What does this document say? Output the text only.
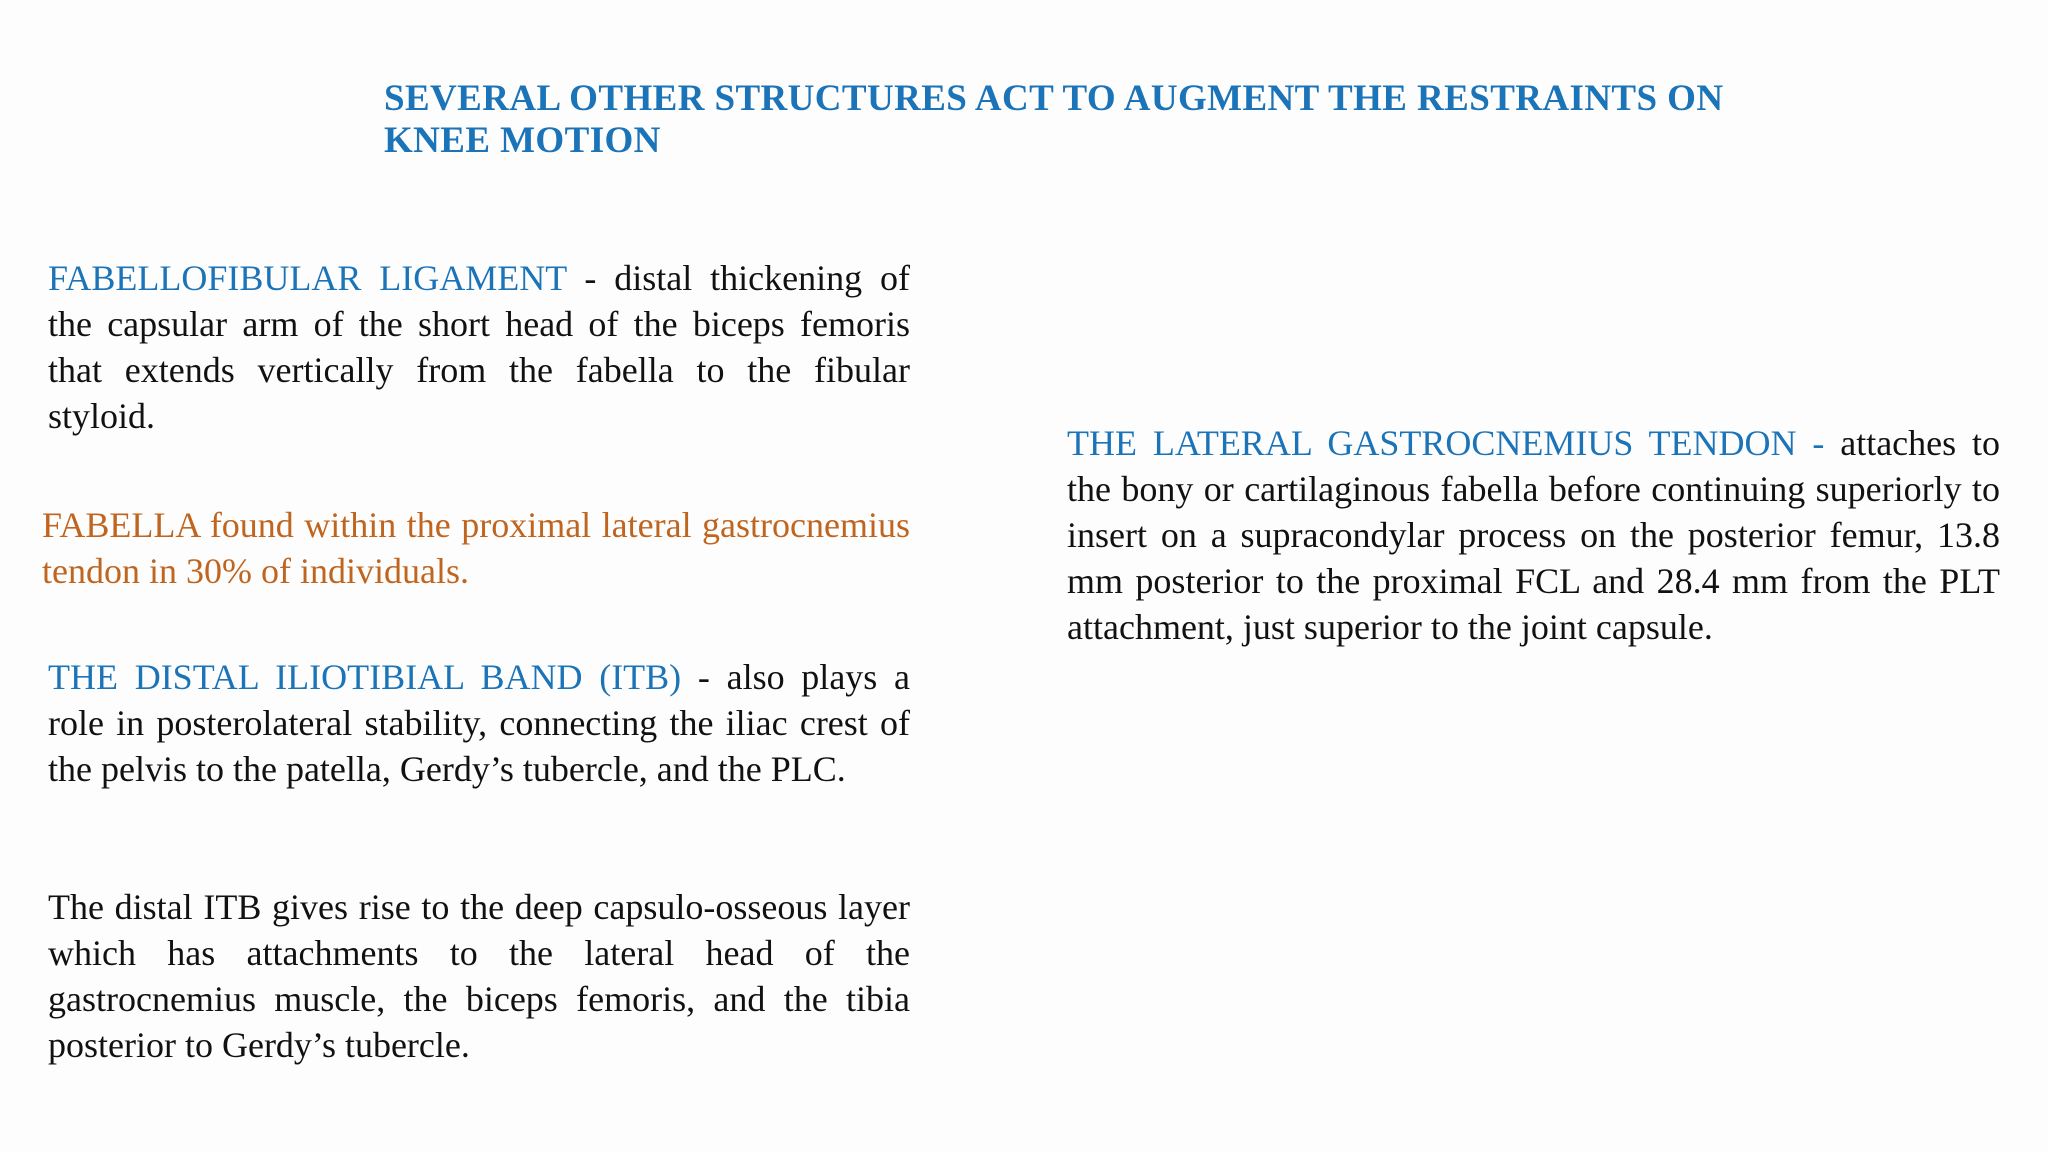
SEVERAL OTHER STRUCTURES ACT TO AUGMENT THE RESTRAINTS ON KNEE MOTION

FABELLOFIBULAR LIGAMENT - distal thickening of the capsular arm of the short head of the biceps femoris that extends vertically from the fabella to the fibular styloid.

FABELLA found within the proximal lateral gastrocnemius tendon in 30% of individuals.

THE DISTAL ILIOTIBIAL BAND (ITB) - also plays a role in posterolateral stability, connecting the iliac crest of the pelvis to the patella, Gerdy’s tubercle, and the PLC.

The distal ITB gives rise to the deep capsulo-osseous layer which has attachments to the lateral head of the gastrocnemius muscle, the biceps femoris, and the tibia posterior to Gerdy’s tubercle.

THE LATERAL GASTROCNEMIUS TENDON - attaches to the bony or cartilaginous fabella before continuing superiorly to insert on a supracondylar process on the posterior femur, 13.8 mm posterior to the proximal FCL and 28.4 mm from the PLT attachment, just superior to the joint capsule.
